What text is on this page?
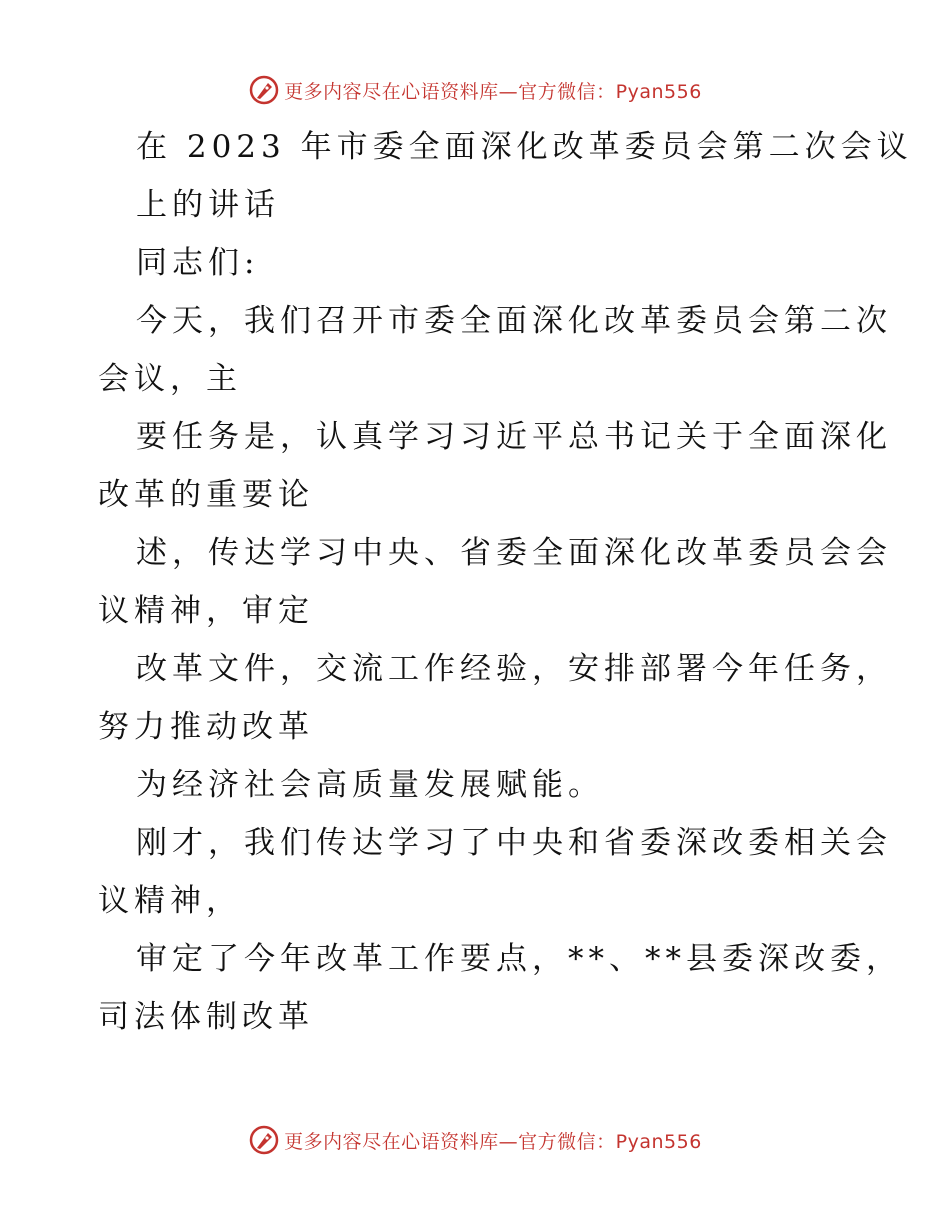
更多内容尽在心语资料库—官方微信：Pyan556
在 2023 年市委全面深化改革委员会第二次会议
上的讲话
同志们:
今天，我们召开市委全面深化改革委员会第二次
会议，主
要任务是，认真学习习近平总书记关于全面深化
改革的重要论
述，传达学习中央、省委全面深化改革委员会会
议精神，审定
改革文件，交流工作经验，安排部署今年任务，
努力推动改革
为经济社会高质量发展赋能。
刚才，我们传达学习了中央和省委深改委相关会
议精神，
审定了今年改革工作要点，**、**县委深改委，
司法体制改革
更多内容尽在心语资料库—官方微信：Pyan556
